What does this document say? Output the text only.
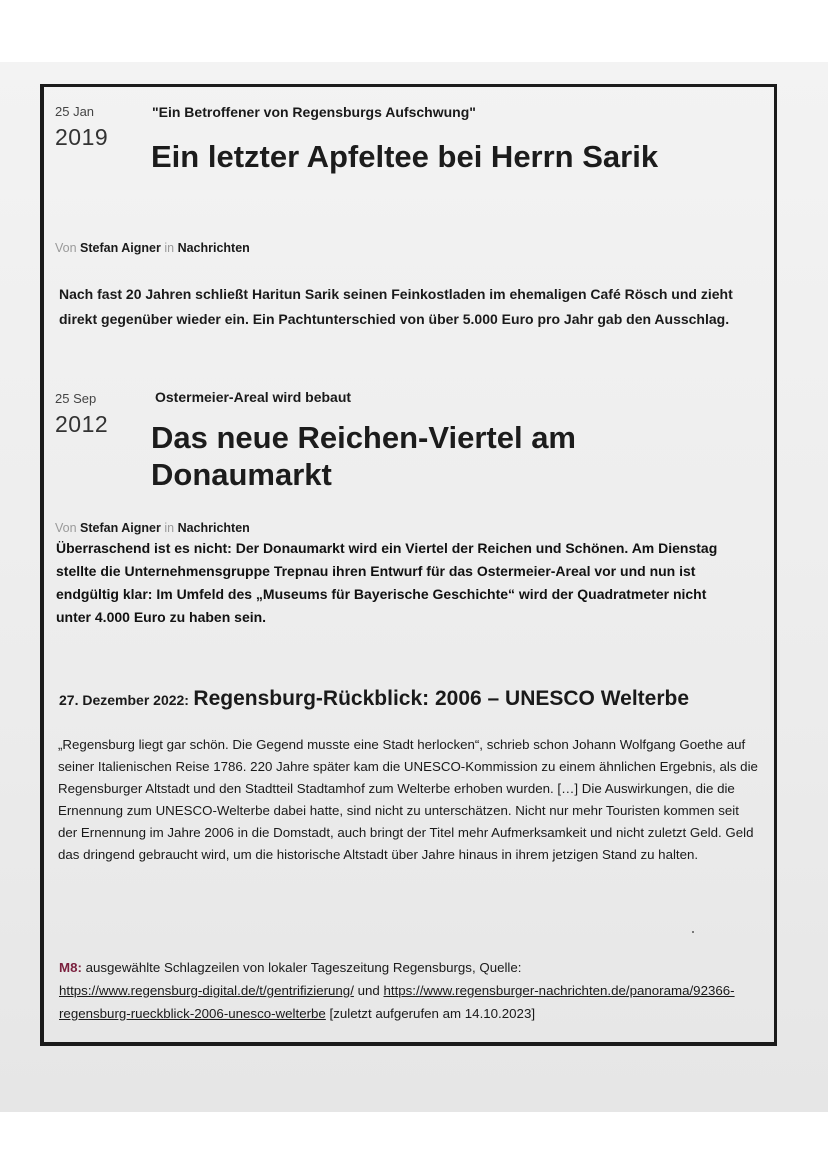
25 Jan
2019
"Ein Betroffener von Regensburgs Aufschwung"
Ein letzter Apfeltee bei Herrn Sarik
Von Stefan Aigner in Nachrichten
Nach fast 20 Jahren schließt Haritun Sarik seinen Feinkostladen im ehemaligen Café Rösch und zieht direkt gegenüber wieder ein. Ein Pachtunterschied von über 5.000 Euro pro Jahr gab den Ausschlag.
25 Sep
2012
Ostermeier-Areal wird bebaut
Das neue Reichen-Viertel am Donaumarkt
Von Stefan Aigner in Nachrichten
Überraschend ist es nicht: Der Donaumarkt wird ein Viertel der Reichen und Schönen. Am Dienstag stellte die Unternehmensgruppe Trepnau ihren Entwurf für das Ostermeier-Areal vor und nun ist endgültig klar: Im Umfeld des „Museums für Bayerische Geschichte“ wird der Quadratmeter nicht unter 4.000 Euro zu haben sein.
27. Dezember 2022: Regensburg-Rückblick: 2006 – UNESCO Welterbe
„Regensburg liegt gar schön. Die Gegend musste eine Stadt herlocken“, schrieb schon Johann Wolfgang Goethe auf seiner Italienischen Reise 1786. 220 Jahre später kam die UNESCO-Kommission zu einem ähnlichen Ergebnis, als die Regensburger Altstadt und den Stadtteil Stadtamhof zum Welterbe erhoben wurden. […] Die Auswirkungen, die die Ernennung zum UNESCO-Welterbe dabei hatte, sind nicht zu unterschätzen. Nicht nur mehr Touristen kommen seit der Ernennung im Jahre 2006 in die Domstadt, auch bringt der Titel mehr Aufmerksamkeit und nicht zuletzt Geld. Geld das dringend gebraucht wird, um die historische Altstadt über Jahre hinaus in ihrem jetzigen Stand zu halten.
M8: ausgewählte Schlagzeilen von lokaler Tageszeitung Regensburgs, Quelle:
https://www.regensburg-digital.de/t/gentrifizierung/ und https://www.regensburger-nachrichten.de/panorama/92366-regensburg-rueckblick-2006-unesco-welterbe [zuletzt aufgerufen am 14.10.2023]
